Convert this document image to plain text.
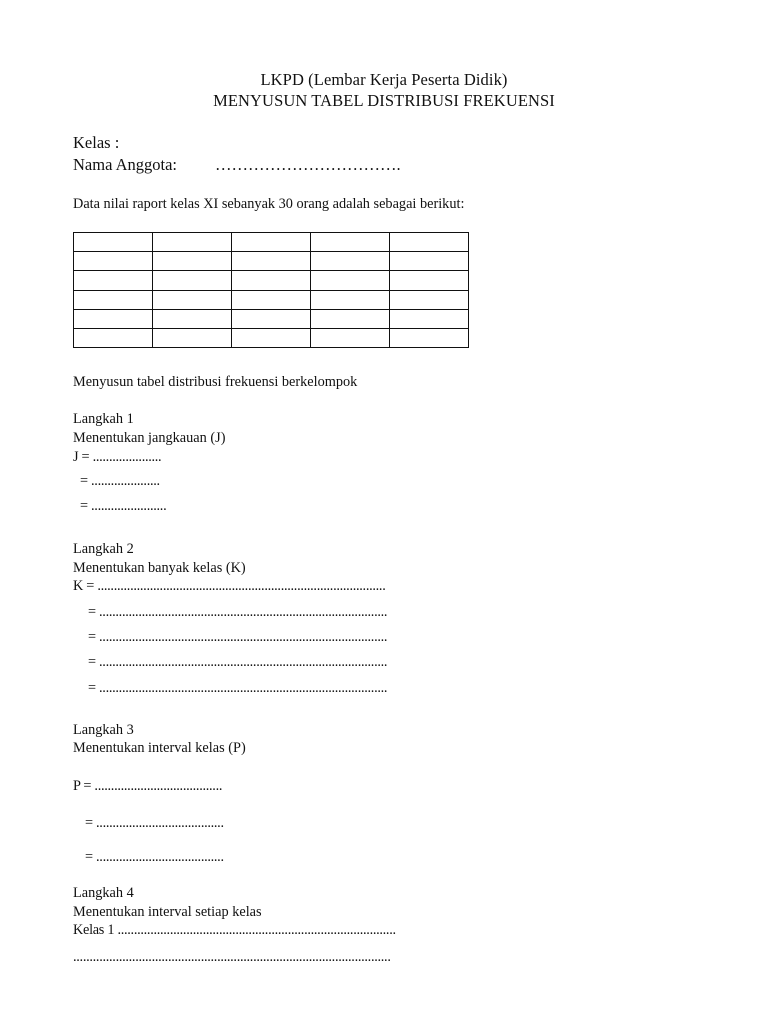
LKPD (Lembar Kerja Peserta Didik)
MENYUSUN TABEL DISTRIBUSI FREKUENSI
Kelas :
Nama Anggota: …………………………….
Data nilai raport kelas XI sebanyak 30 orang adalah sebagai berikut:

Menyusun tabel distribusi frekuensi berkelompok
Langkah 1
Menentukan jangkauan (J)
J = .....................
= .....................
= .......................
Langkah 2
Menentukan banyak kelas (K)
K = ........................................................................................
= ........................................................................................
= ........................................................................................
= ........................................................................................
= ........................................................................................
Langkah 3
Menentukan interval kelas (P)
P = .......................................
= .......................................
= .......................................
Langkah 4
Menentukan interval setiap kelas
Kelas 1 .....................................................................................
.................................................................................................
